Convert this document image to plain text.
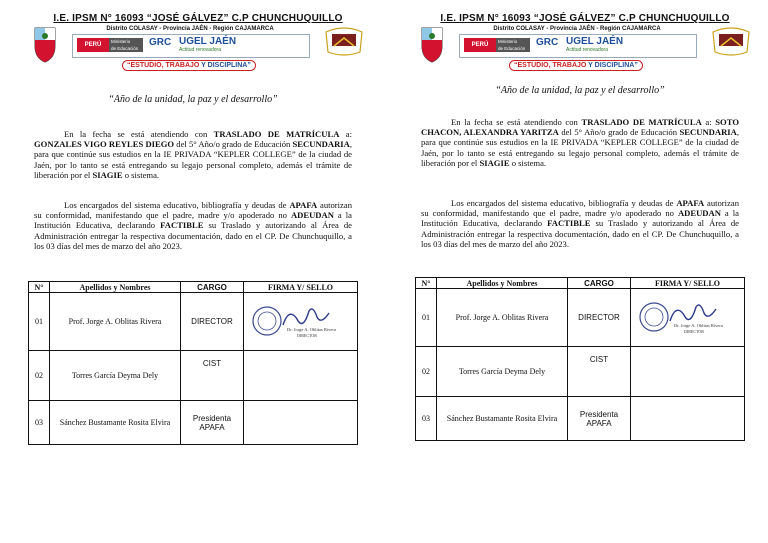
I.E. IPSM N° 16093 “JOSÉ GÁLVEZ” C.P CHUNCHUQUILLO
Distrito COLASAY - Provincia JAÉN - Región CAJAMARCA
PERÚ
Ministerio
de Educación
GRC UGEL JAÉN
Actitud renovadora
“ESTUDIO, TRABAJO Y DISCIPLINA”
“Año de la unidad, la paz y el desarrollo”

En la fecha se está atendiendo con TRASLADO DE MATRÍCULA a: GONZALES VIGO REYLES DIEGO del 5° Año/o grado de Educación SECUNDARIA, para que continúe sus estudios en la IE PRIVADA “KEPLER COLLEGE” de la ciudad de Jaén, por lo tanto se está entregando su legajo personal completo, además el trámite de liberación por el SIAGIE o sistema.

Los encargados del sistema educativo, bibliografía y deudas de APAFA autorizan su conformidad, manifestando que el padre, madre y/o apoderado no ADEUDAN a la Institución Educativa, declarando FACTIBLE su Traslado y autorizando al Área de Administración entregar la respectiva documentación, dado en el CP. De Chunchuquillo, a los 03 días del mes de marzo del año 2023.

N°	Apellidos y Nombres	CARGO	FIRMA Y/ SELLO
01	Prof. Jorge A. Oblitas Rivera	DIRECTOR	Dr. Jorge A. Oblitas Rivera
DIRECTOR

02	Torres García Deyma Dely	CIST	
03	Sánchez Bustamante Rosita Elvira	Presidenta APAFA	
I.E. IPSM N° 16093 “JOSÉ GÁLVEZ” C.P CHUNCHUQUILLO
Distrito COLASAY - Provincia JAÉN - Región CAJAMARCA
PERÚ
Ministerio
de Educación
GRC UGEL JAÉN
Actitud renovadora
“ESTUDIO, TRABAJO Y DISCIPLINA”
“Año de la unidad, la paz y el desarrollo”

En la fecha se está atendiendo con TRASLADO DE MATRÍCULA a: SOTO CHACON, ALEXANDRA YARITZA del 5° Año/o grado de Educación SECUNDARIA, para que continúe sus estudios en la IE PRIVADA “KEPLER COLLEGE” de la ciudad de Jaén, por lo tanto se está entregando su legajo personal completo, además el trámite de liberación por el SIAGIE o sistema.

Los encargados del sistema educativo, bibliografía y deudas de APAFA autorizan su conformidad, manifestando que el padre, madre y/o apoderado no ADEUDAN a la Institución Educativa, declarando FACTIBLE su Traslado y autorizando al Área de Administración entregar la respectiva documentación, dado en el CP. De Chunchuquillo, a los 03 días del mes de marzo del año 2023.

N°	Apellidos y Nombres	CARGO	FIRMA Y/ SELLO
01	Prof. Jorge A. Oblitas Rivera	DIRECTOR	Dr. Jorge A. Oblitas Rivera
DIRECTOR

02	Torres García Deyma Dely	CIST	
03	Sánchez Bustamante Rosita Elvira	Presidenta APAFA	
